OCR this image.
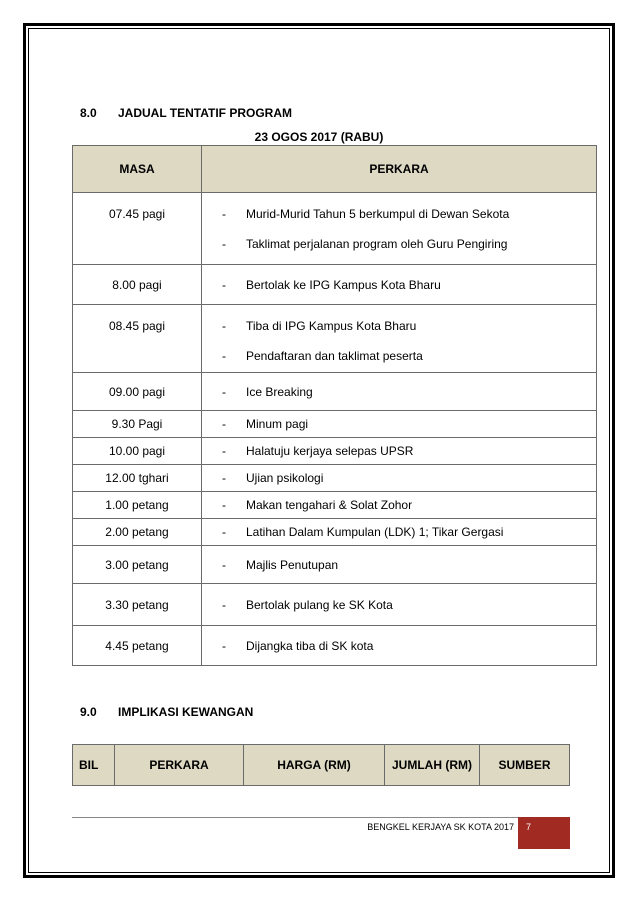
8.0 JADUAL TENTATIF PROGRAM
23 OGOS 2017 (RABU)
MASA	PERKARA
07.45 pagi	- Murid-Murid Tahun 5 berkumpul di Dewan Sekota
- Taklimat perjalanan program oleh Guru Pengiring

8.00 pagi	- Bertolak ke IPG Kampus Kota Bharu

08.45 pagi	- Tiba di IPG Kampus Kota Bharu
- Pendaftaran dan taklimat peserta

09.00 pagi	- Ice Breaking

9.30 Pagi	- Minum pagi

10.00 pagi	- Halatuju kerjaya selepas UPSR

12.00 tghari	- Ujian psikologi

1.00 petang	- Makan tengahari & Solat Zohor

2.00 petang	- Latihan Dalam Kumpulan (LDK) 1; Tikar Gergasi

3.00 petang	- Majlis Penutupan

3.30 petang	- Bertolak pulang ke SK Kota

4.45 petang	- Dijangka tiba di SK kota
9.0 IMPLIKASI KEWANGAN
BIL	PERKARA	HARGA (RM)	JUMLAH (RM)	SUMBER
BENGKEL KERJAYA SK KOTA 2017 7
